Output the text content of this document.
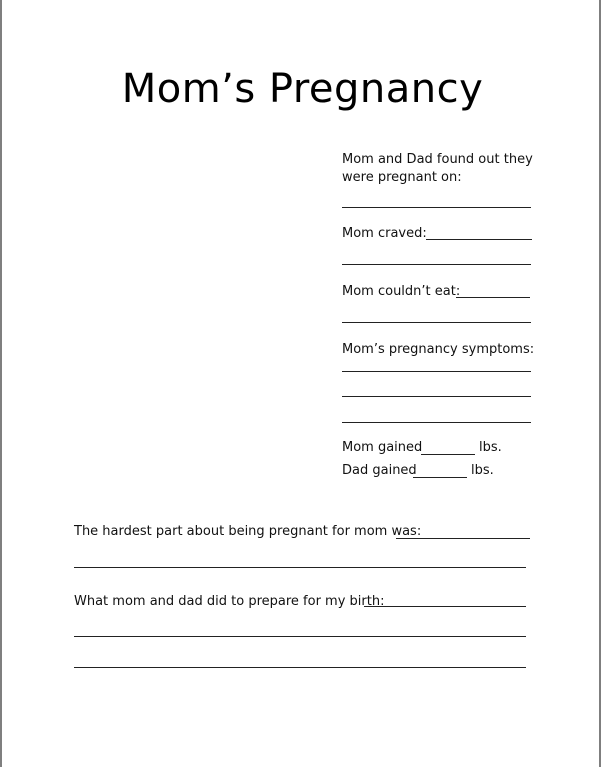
Mom’s Pregnancy
Mom and Dad found out they
were pregnant on:
Mom craved:
Mom couldn’t eat:
Mom’s pregnancy symptoms:
Mom gained	lbs.
Dad gained	lbs.
The hardest part about being pregnant for mom was:
What mom and dad did to prepare for my birth:
